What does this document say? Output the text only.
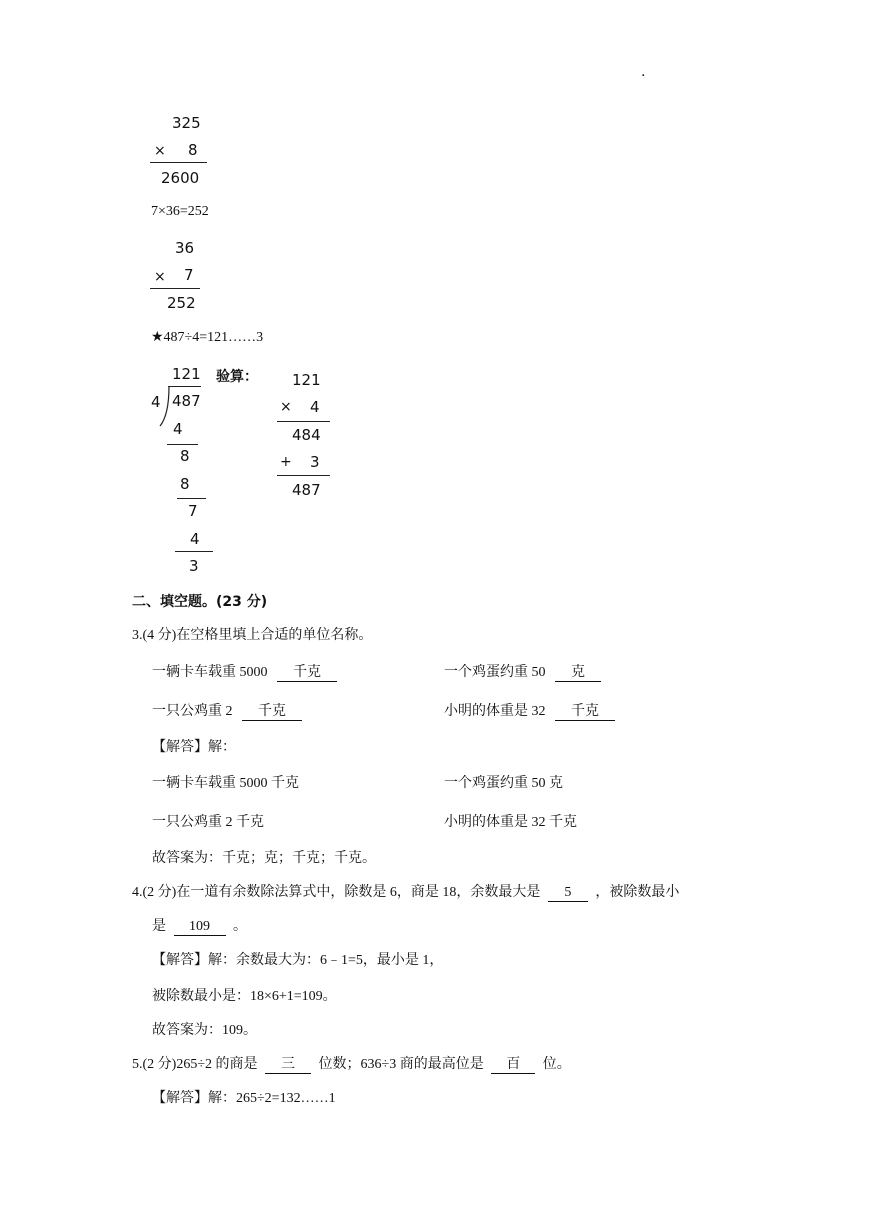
.
325
× 8
2600
7×36=252
36
× 7
252
★487÷4=121……3
121
4 487
4
8
8
7
4
3
验算： 121
× 4
484
+ 3
487
二、填空题。(23 分)
3.(4 分)在空格里填上合适的单位名称。
一辆卡车载重 5000 千克	一个鸡蛋约重 50 克
一只公鸡重 2 千克	小明的体重是 32 千克
【解答】解：
一辆卡车载重 5000 千克	一个鸡蛋约重 50 克
一只公鸡重 2 千克	小明的体重是 32 千克
故答案为：千克；克；千克；千克。
4.(2 分)在一道有余数除法算式中，除数是 6，商是 18，余数最大是 5 ，被除数最小
是 109 。
【解答】解：余数最大为：6﹣1=5，最小是 1，
被除数最小是：18×6+1=109。
故答案为：109。
5.(2 分)265÷2 的商是 三 位数；636÷3 商的最高位是 百 位。
【解答】解：265÷2=132……1
